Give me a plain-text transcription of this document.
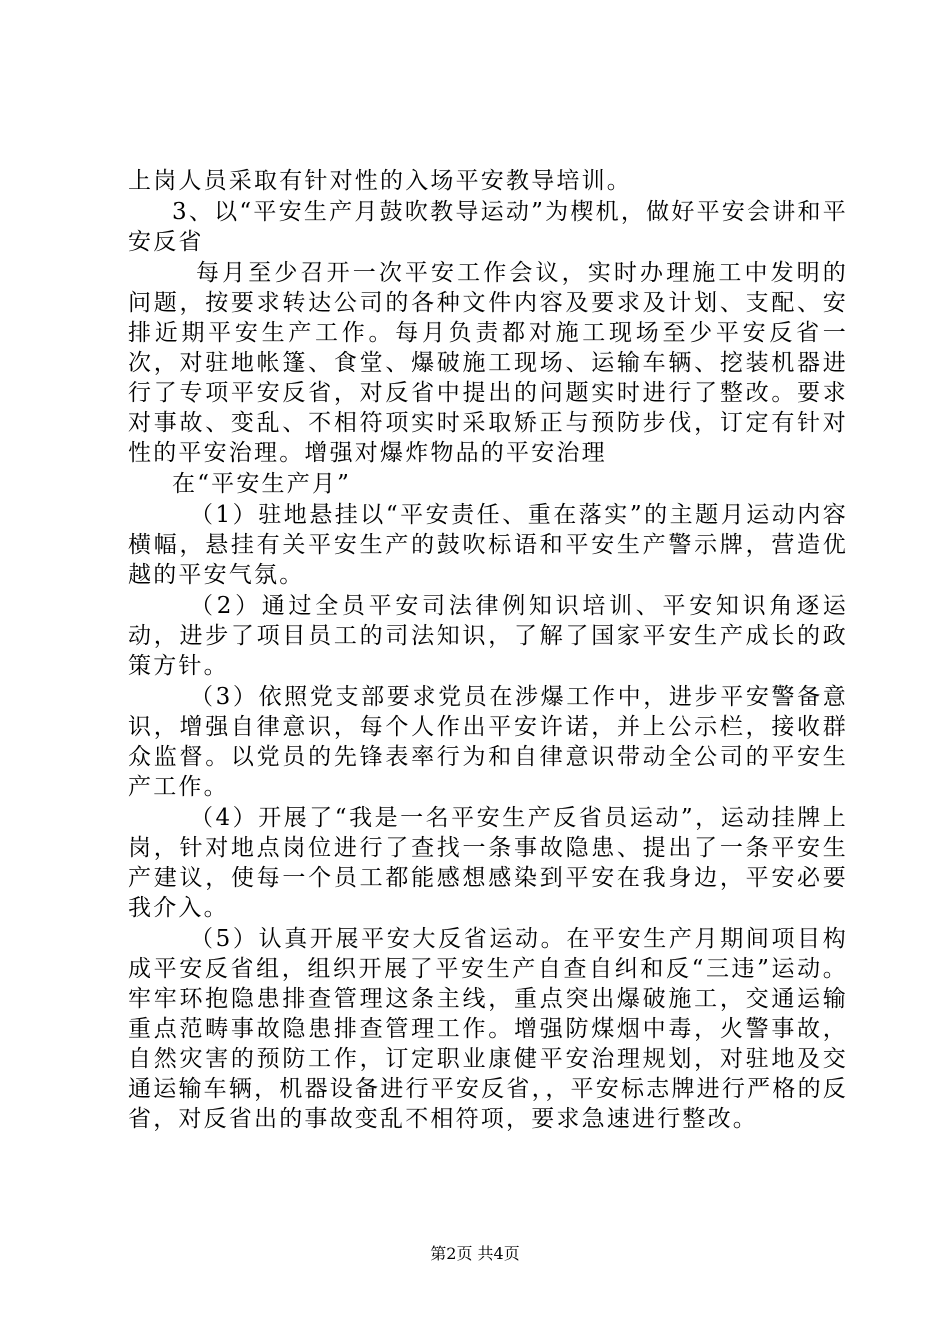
上岗人员采取有针对性的入场平安教导培训。

3、以“平安生产月鼓吹教导运动”为楔机，做好平安会讲和平安反省

每月至少召开一次平安工作会议，实时办理施工中发明的问题，按要求转达公司的各种文件内容及要求及计划、支配、安排近期平安生产工作。每月负责都对施工现场至少平安反省一次，对驻地帐篷、食堂、爆破施工现场、运输车辆、挖装机器进行了专项平安反省，对反省中提出的问题实时进行了整改。要求对事故、变乱、不相符项实时采取矫正与预防步伐，订定有针对性的平安治理。增强对爆炸物品的平安治理

在“平安生产月”

（1）驻地悬挂以“平安责任、重在落实”的主题月运动内容横幅，悬挂有关平安生产的鼓吹标语和平安生产警示牌，营造优越的平安气氛。

（2）通过全员平安司法律例知识培训、平安知识角逐运动，进步了项目员工的司法知识，了解了国家平安生产成长的政策方针。

（3）依照党支部要求党员在涉爆工作中，进步平安警备意识，增强自律意识，每个人作出平安许诺，并上公示栏，接收群众监督。以党员的先锋表率行为和自律意识带动全公司的平安生产工作。

（4）开展了“我是一名平安生产反省员运动”，运动挂牌上岗，针对地点岗位进行了查找一条事故隐患、提出了一条平安生产建议，使每一个员工都能感想感染到平安在我身边，平安必要我介入。

（5）认真开展平安大反省运动。在平安生产月期间项目构成平安反省组，组织开展了平安生产自查自纠和反“三违”运动。牢牢环抱隐患排查管理这条主线，重点突出爆破施工，交通运输重点范畴事故隐患排查管理工作。增强防煤烟中毒，火警事故，自然灾害的预防工作，订定职业康健平安治理规划，对驻地及交通运输车辆，机器设备进行平安反省，，平安标志牌进行严格的反省，对反省出的事故变乱不相符项，要求急速进行整改。

第2页 共4页
